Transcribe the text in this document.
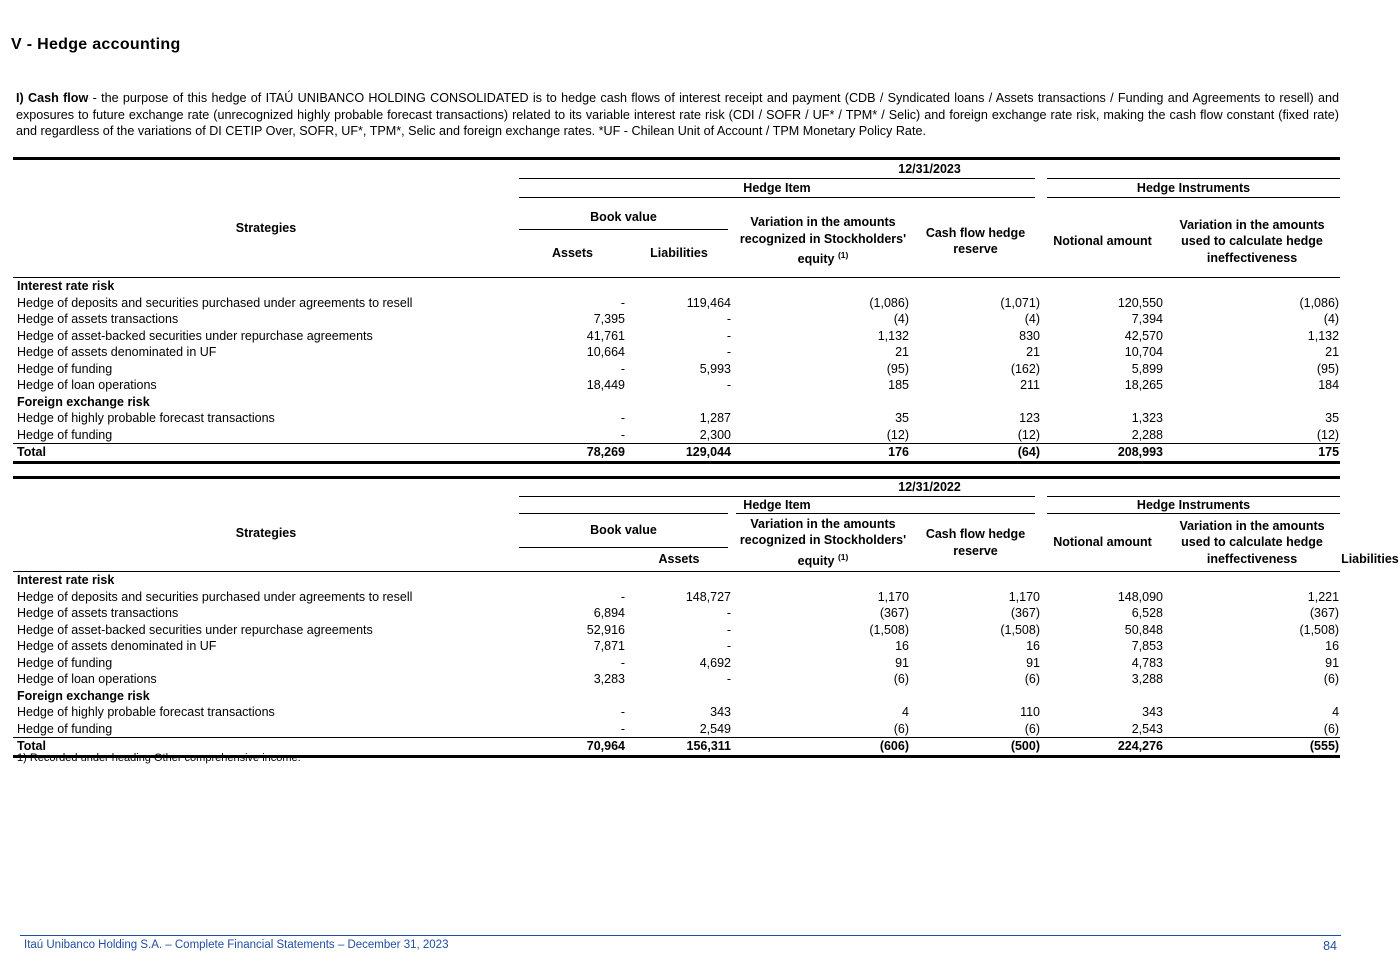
V - Hedge accounting
I) Cash flow - the purpose of this hedge of ITAÚ UNIBANCO HOLDING CONSOLIDATED is to hedge cash flows of interest receipt and payment (CDB / Syndicated loans / Assets transactions / Funding and Agreements to resell) and exposures to future exchange rate (unrecognized highly probable forecast transactions) related to its variable interest rate risk (CDI / SOFR / UF* / TPM* / Selic) and foreign exchange rate risk, making the cash flow constant (fixed rate) and regardless of the variations of DI CETIP Over, SOFR, UF*, TPM*, Selic and foreign exchange rates. *UF - Chilean Unit of Account / TPM Monetary Policy Rate.
	12/31/2023					
Strategies	Hedge Item				Hedge Instruments	

	Book value		Variation in the amounts recognized in Stockholders' equity $^{(1)}$	Cash flow hedge reserve	Notional amount	Variation in the amounts used to calculate hedge ineffectiveness
	Assets	Liabilities				

Interest rate risk						
Hedge of deposits and securities purchased under agreements to resell	-	119,464	(1,086)	(1,071)	120,550	(1,086)
Hedge of assets transactions	7,395	-	(4)	(4)	7,394	(4)
Hedge of asset-backed securities under repurchase agreements	41,761	-	1,132	830	42,570	1,132
Hedge of assets denominated in UF	10,664	-	21	21	10,704	21
Hedge of funding	-	5,993	(95)	(162)	5,899	(95)
Hedge of loan operations	18,449	-	185	211	18,265	184
Foreign exchange risk						
Hedge of highly probable forecast transactions	-	1,287	35	123	1,323	35
Hedge of funding	-	2,300	(12)	(12)	2,288	(12)
Total	78,269	129,044	176	(64)	208,993	175
	12/31/2022						
Strategies	Hedge Item				Hedge Instruments		
	Book value		Variation in the amounts recognized in Stockholders' equity $^{(1)}$	Cash flow hedge reserve	Notional amount	Variation in the amounts used to calculate hedge ineffectiveness	
		Assets					Liabilities

Interest rate risk							
Hedge of deposits and securities purchased under agreements to resell	-	148,727	1,170	1,170	148,090	1,221	
Hedge of assets transactions	6,894	-	(367)	(367)	6,528	(367)	
Hedge of asset-backed securities under repurchase agreements	52,916	-	(1,508)	(1,508)	50,848	(1,508)	
Hedge of assets denominated in UF	7,871	-	16	16	7,853	16	
Hedge of funding	-	4,692	91	91	4,783	91	
Hedge of loan operations	3,283	-	(6)	(6)	3,288	(6)	
Foreign exchange risk							
Hedge of highly probable forecast transactions	-	343	4	110	343	4	
Hedge of funding	-	2,549	(6)	(6)	2,543	(6)	
Total	70,964	156,311	(606)	(500)	224,276	(555)	
1) Recorded under heading Other comprehensive income.
Itaú Unibanco Holding S.A. – Complete Financial Statements – December 31, 2023	84
